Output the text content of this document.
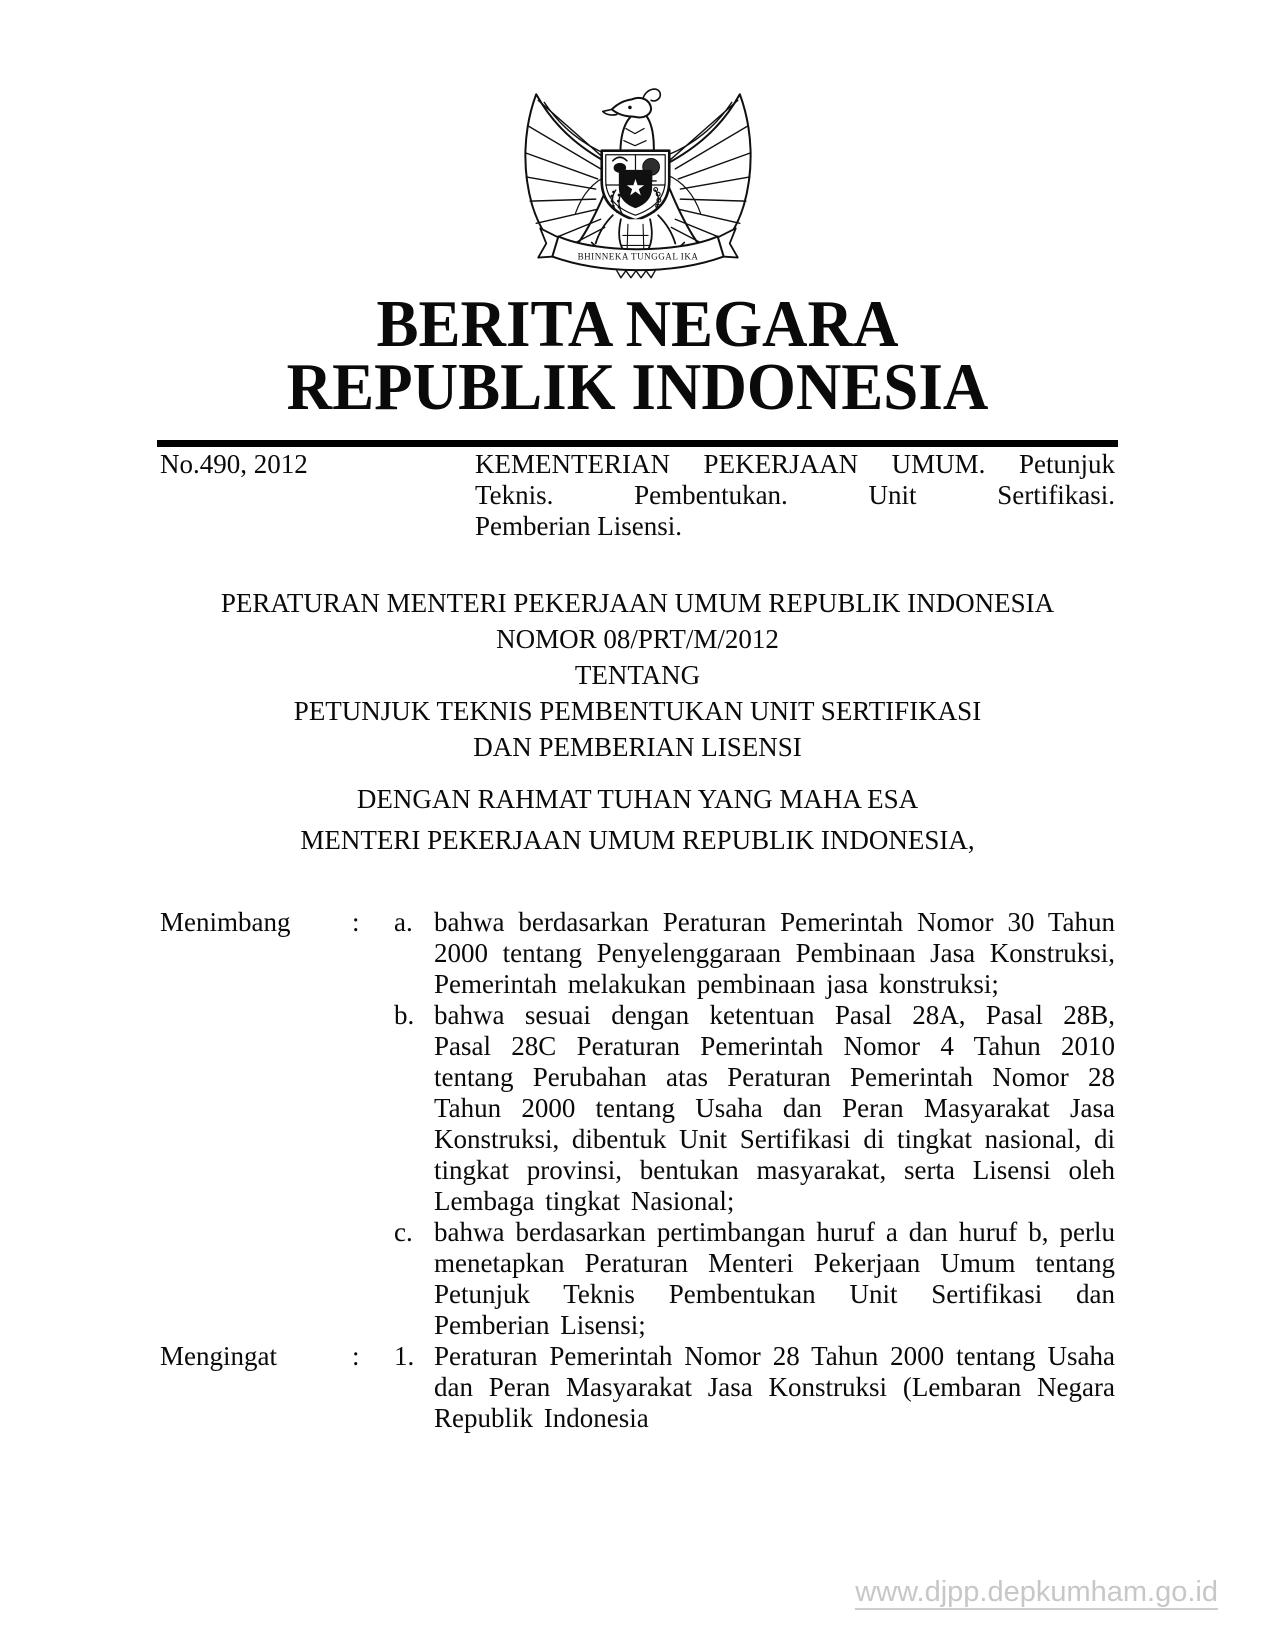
BHINNEKA TUNGGAL IKA
BERITA NEGARA
REPUBLIK INDONESIA
No.490, 2012	KEMENTERIAN PEKERJAAN UMUM. Petunjuk
Teknis. Pembentukan. Unit Sertifikasi.
Pemberian Lisensi.
PERATURAN MENTERI PEKERJAAN UMUM REPUBLIK INDONESIA
NOMOR 08/PRT/M/2012
TENTANG
PETUNJUK TEKNIS PEMBENTUKAN UNIT SERTIFIKASI
DAN PEMBERIAN LISENSI
DENGAN RAHMAT TUHAN YANG MAHA ESA
MENTERI PEKERJAAN UMUM REPUBLIK INDONESIA,
Menimbang	:	a. bahwa berdasarkan Peraturan Pemerintah Nomor 30 Tahun 2000 tentang Penyelenggaraan Pembinaan Jasa Konstruksi, Pemerintah melakukan pembinaan jasa konstruksi;
b. bahwa sesuai dengan ketentuan Pasal 28A, Pasal 28B, Pasal 28C Peraturan Pemerintah Nomor 4 Tahun 2010 tentang Perubahan atas Peraturan Pemerintah Nomor 28 Tahun 2000 tentang Usaha dan Peran Masyarakat Jasa Konstruksi, dibentuk Unit Sertifikasi di tingkat nasional, di tingkat provinsi, bentukan masyarakat, serta Lisensi oleh Lembaga tingkat Nasional;
c. bahwa berdasarkan pertimbangan huruf a dan huruf b, perlu menetapkan Peraturan Menteri Pekerjaan Umum tentang Petunjuk Teknis Pembentukan Unit Sertifikasi dan Pemberian Lisensi;
Mengingat	:	1. Peraturan Pemerintah Nomor 28 Tahun 2000 tentang Usaha dan Peran Masyarakat Jasa Konstruksi (Lembaran Negara Republik Indonesia
www.djpp.depkumham.go.id
